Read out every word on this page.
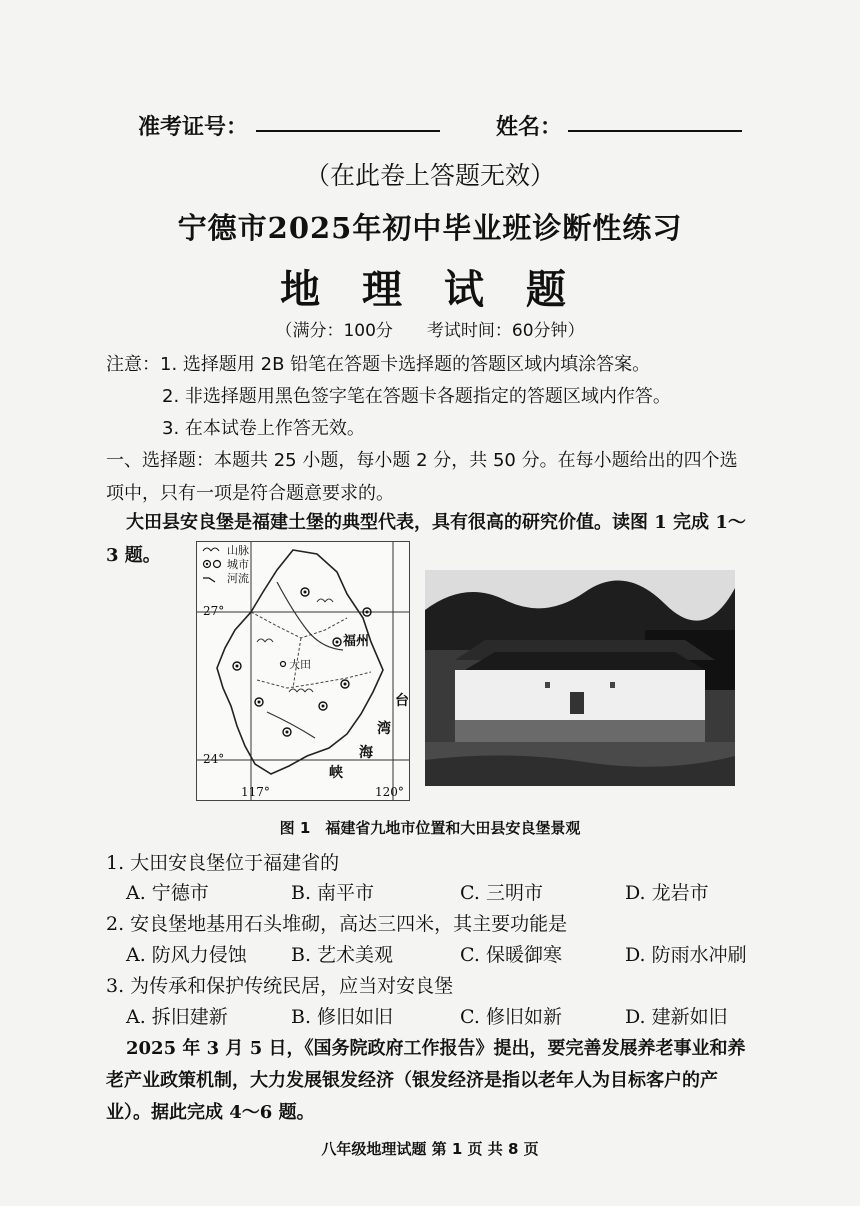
准考证号：	姓名：
（在此卷上答题无效）
宁德市2025年初中毕业班诊断性练习
地 理 试 题
（满分：100分　　考试时间：60分钟）
注意：1. 选择题用 2B 铅笔在答题卡选择题的答题区域内填涂答案。
2. 非选择题用黑色签字笔在答题卡各题指定的答题区域内作答。
3. 在本试卷上作答无效。
一、选择题：本题共 25 小题，每小题 2 分，共 50 分。在每小题给出的四个选
项中，只有一项是符合题意要求的。
大田县安良堡是福建土堡的典型代表，具有很高的研究价值。读图 1 完成 1～
3 题。	山脉
城市
河流
27°
24°
117°	120°
福州
大田
台
湾
海
峡
图 1　福建省九地市位置和大田县安良堡景观
1. 大田安良堡位于福建省的
A. 宁德市	B. 南平市	C. 三明市	D. 龙岩市
2. 安良堡地基用石头堆砌，高达三四米，其主要功能是
A. 防风力侵蚀 B. 艺术美观	C. 保暖御寒	D. 防雨水冲刷
3. 为传承和保护传统民居，应当对安良堡
A. 拆旧建新	B. 修旧如旧	C. 修旧如新	D. 建新如旧
2025 年 3 月 5 日，《国务院政府工作报告》提出，要完善发展养老事业和养
老产业政策机制，大力发展银发经济（银发经济是指以老年人为目标客户的产
业）。据此完成 4～6 题。
八年级地理试题 第 1 页 共 8 页
